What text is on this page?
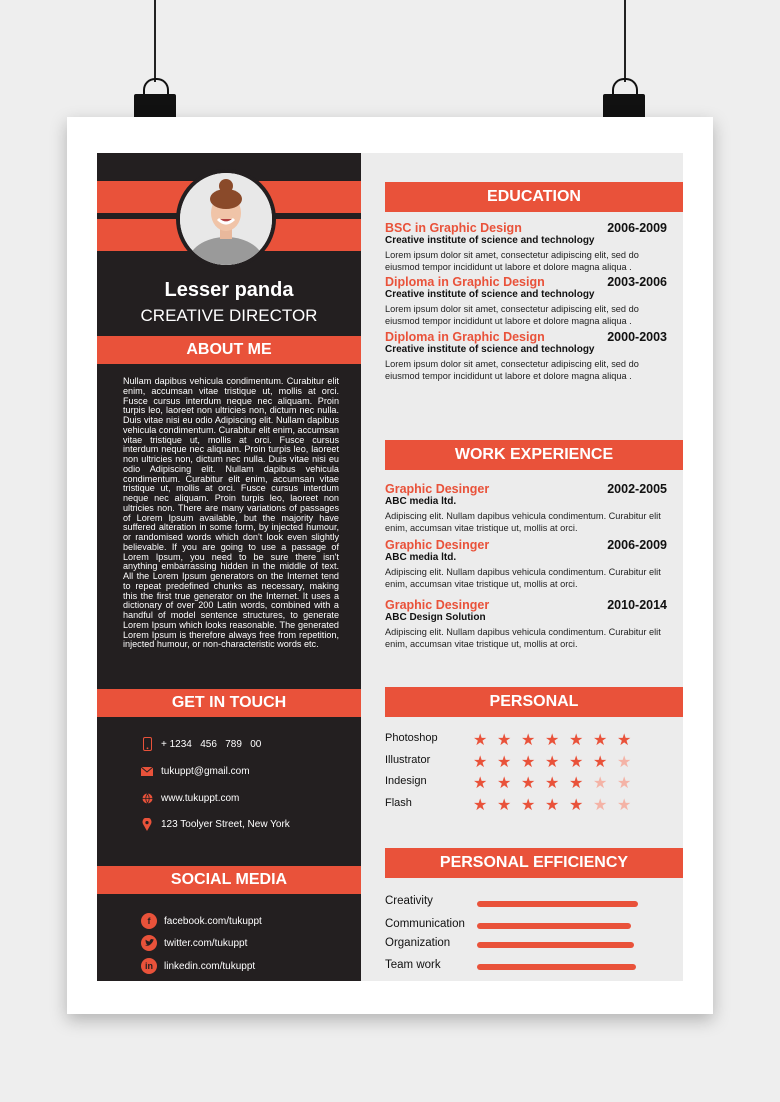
Lesser panda
CREATIVE DIRECTOR
ABOUT ME
Nullam dapibus vehicula condimentum. Curabitur elit enim, accumsan vitae tristique ut, mollis at orci. Fusce cursus interdum neque nec aliquam. Proin turpis leo, laoreet non ultricies non, dictum nec nulla. Duis vitae nisi eu odio Adipiscing elit. Nullam dapibus vehicula condimentum. Curabitur elit enim, accumsan vitae tristique ut, mollis at orci. Fusce cursus interdum neque nec aliquam. Proin turpis leo, laoreet non ultricies non, dictum nec nulla. Duis vitae nisi eu odio Adipiscing elit. Nullam dapibus vehicula condimentum. Curabitur elit enim, accumsan vitae tristique ut, mollis at orci. Fusce cursus interdum neque nec aliquam. Proin turpis leo, laoreet non ultricies non. There are many variations of passages of Lorem Ipsum available, but the majority have suffered alteration in some form, by injected humour, or randomised words which don't look even slightly believable. If you are going to use a passage of Lorem Ipsum, you need to be sure there isn't anything embarrassing hidden in the middle of text. All the Lorem Ipsum generators on the Internet tend to repeat predefined chunks as necessary, making this the first true generator on the Internet. It uses a dictionary of over 200 Latin words, combined with a handful of model sentence structures, to generate Lorem Ipsum which looks reasonable. The generated Lorem Ipsum is therefore always free from repetition, injected humour, or non-characteristic words etc.
GET IN TOUCH
+ 1234   456   789   00
tukuppt@gmail.com
www.tukuppt.com
123 Toolyer Street, New York
SOCIAL MEDIA
f	facebook.com/tukuppt
twitter.com/tukuppt
in	linkedin.com/tukuppt
EDUCATION
BSC in Graphic Design	2006-2009
Creative institute of science and technology
Lorem ipsum dolor sit amet, consectetur adipiscing elit, sed do eiusmod tempor incididunt ut labore et dolore magna aliqua .
Diploma in Graphic Design	2003-2006
Creative institute of science and technology
Lorem ipsum dolor sit amet, consectetur adipiscing elit, sed do eiusmod tempor incididunt ut labore et dolore magna aliqua .
Diploma in Graphic Design	2000-2003
Creative institute of science and technology
Lorem ipsum dolor sit amet, consectetur adipiscing elit, sed do eiusmod tempor incididunt ut labore et dolore magna aliqua .
WORK EXPERIENCE
Graphic Desinger	2002-2005
ABC media ltd.
Adipiscing elit. Nullam dapibus vehicula condimentum. Curabitur elit enim, accumsan vitae tristique ut, mollis at orci.
Graphic Desinger	2006-2009
ABC media ltd.
Adipiscing elit. Nullam dapibus vehicula condimentum. Curabitur elit enim, accumsan vitae tristique ut, mollis at orci.
Graphic Desinger	2010-2014
ABC Design Solution
Adipiscing elit. Nullam dapibus vehicula condimentum. Curabitur elit enim, accumsan vitae tristique ut, mollis at orci.
PERSONAL
Photoshop ★ ★ ★ ★ ★ ★ ★
Illustrator	★ ★ ★ ★ ★ ★ ★
Indesign	★ ★ ★ ★ ★ ★ ★
Flash	★ ★ ★ ★ ★ ★ ★
PERSONAL EFFICIENCY
Creativity
Communication
Organization
Team work
